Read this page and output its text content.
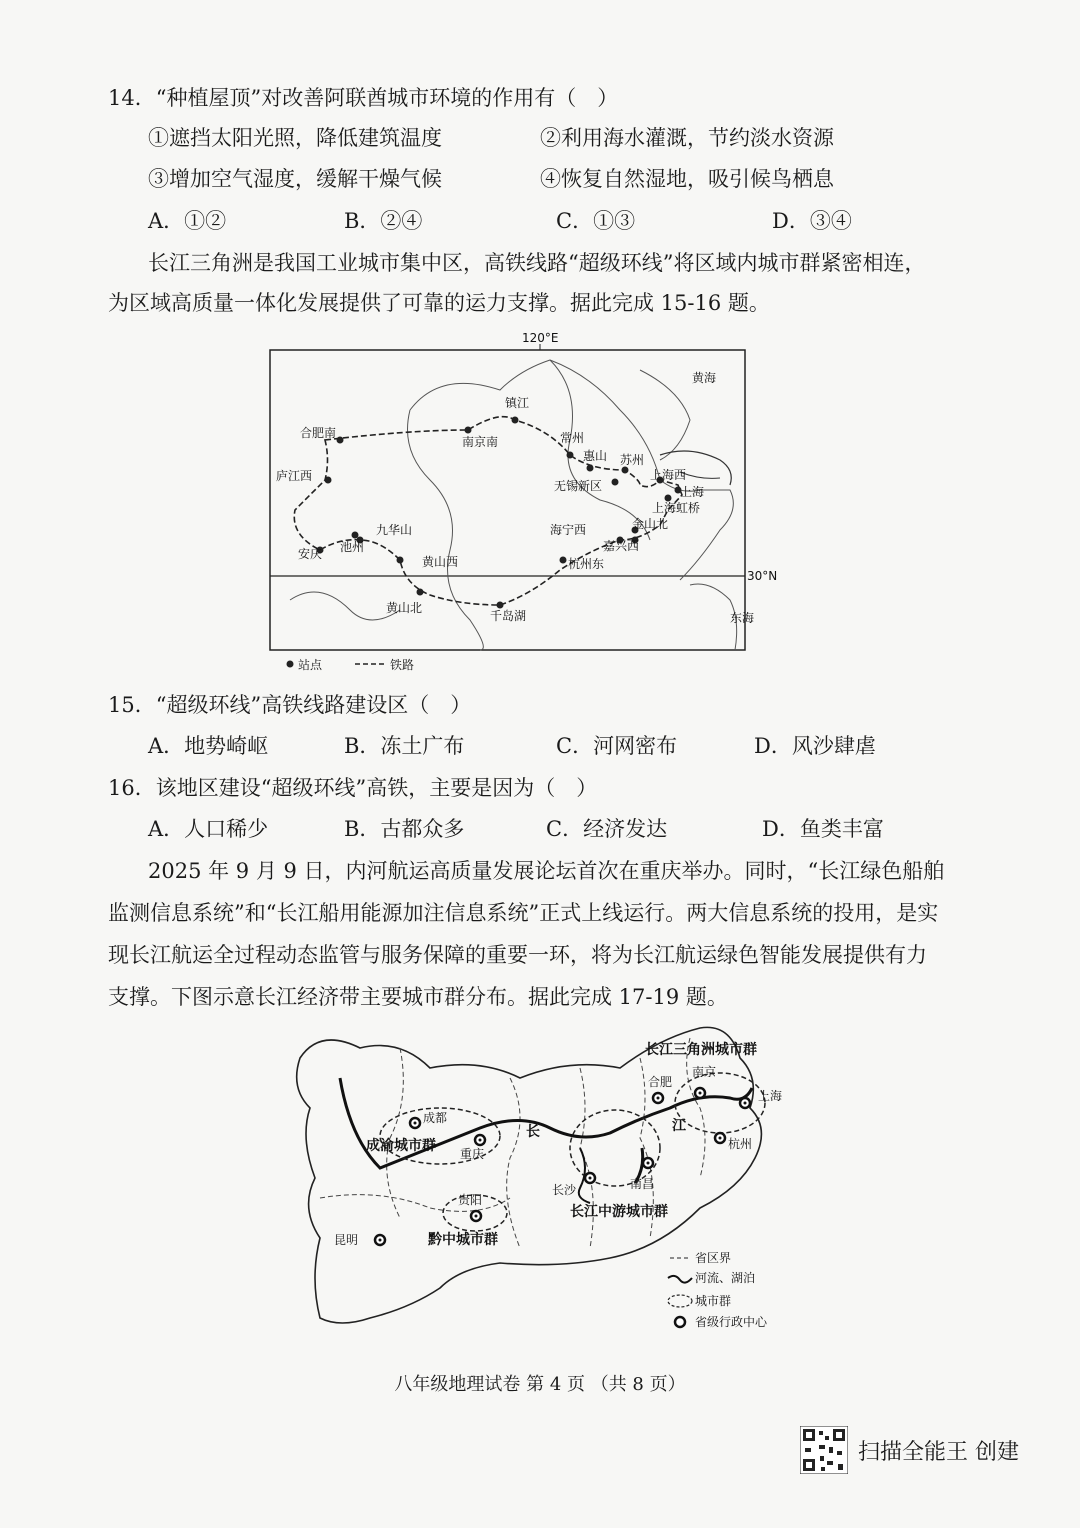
14．“种植屋顶”对改善阿联酋城市环境的作用有（　）
①遮挡太阳光照，降低建筑温度	②利用海水灌溉，节约淡水资源
③增加空气湿度，缓解干燥气候	④恢复自然湿地，吸引候鸟栖息
A．①②	B．②④	C．①③	D．③④
长江三角洲是我国工业城市集中区，高铁线路“超级环线”将区域内城市群紧密相连，
为区域高质量一体化发展提供了可靠的运力支撑。据此完成 15-16 题。
120°E
30°N
黄海
东海
镇江
合肥南
南京南	常州
惠山 苏州
上海西
无锡新区	上海
庐江西
上海虹桥
九华山	海宁西	金山北
安庆 池州	嘉兴西
黄山西	杭州东
黄山北
千岛湖
站点	铁路
15．“超级环线”高铁线路建设区（　）
A．地势崎岖	B．冻土广布	C．河网密布	D．风沙肆虐
16．该地区建设“超级环线”高铁，主要是因为（　）
A．人口稀少	B．古都众多	C．经济发达	D．鱼类丰富
2025 年 9 月 9 日，内河航运高质量发展论坛首次在重庆举办。同时，“长江绿色船舶
监测信息系统”和“长江船用能源加注信息系统”正式上线运行。两大信息系统的投用，是实
现长江航运全过程动态监管与服务保障的重要一环，将为长江航运绿色智能发展提供有力
支撑。下图示意长江经济带主要城市群分布。据此完成 17-19 题。
长	江
长江三角洲城市群
成渝城市群
长江中游城市群
黔中城市群
合肥
南京
上海
成都
重庆
杭州
长沙	南昌
贵阳
昆明
省区界
河流、湖泊
城市群
省级行政中心
八年级地理试卷 第 4 页 （共 8 页）
扫描全能王 创建
